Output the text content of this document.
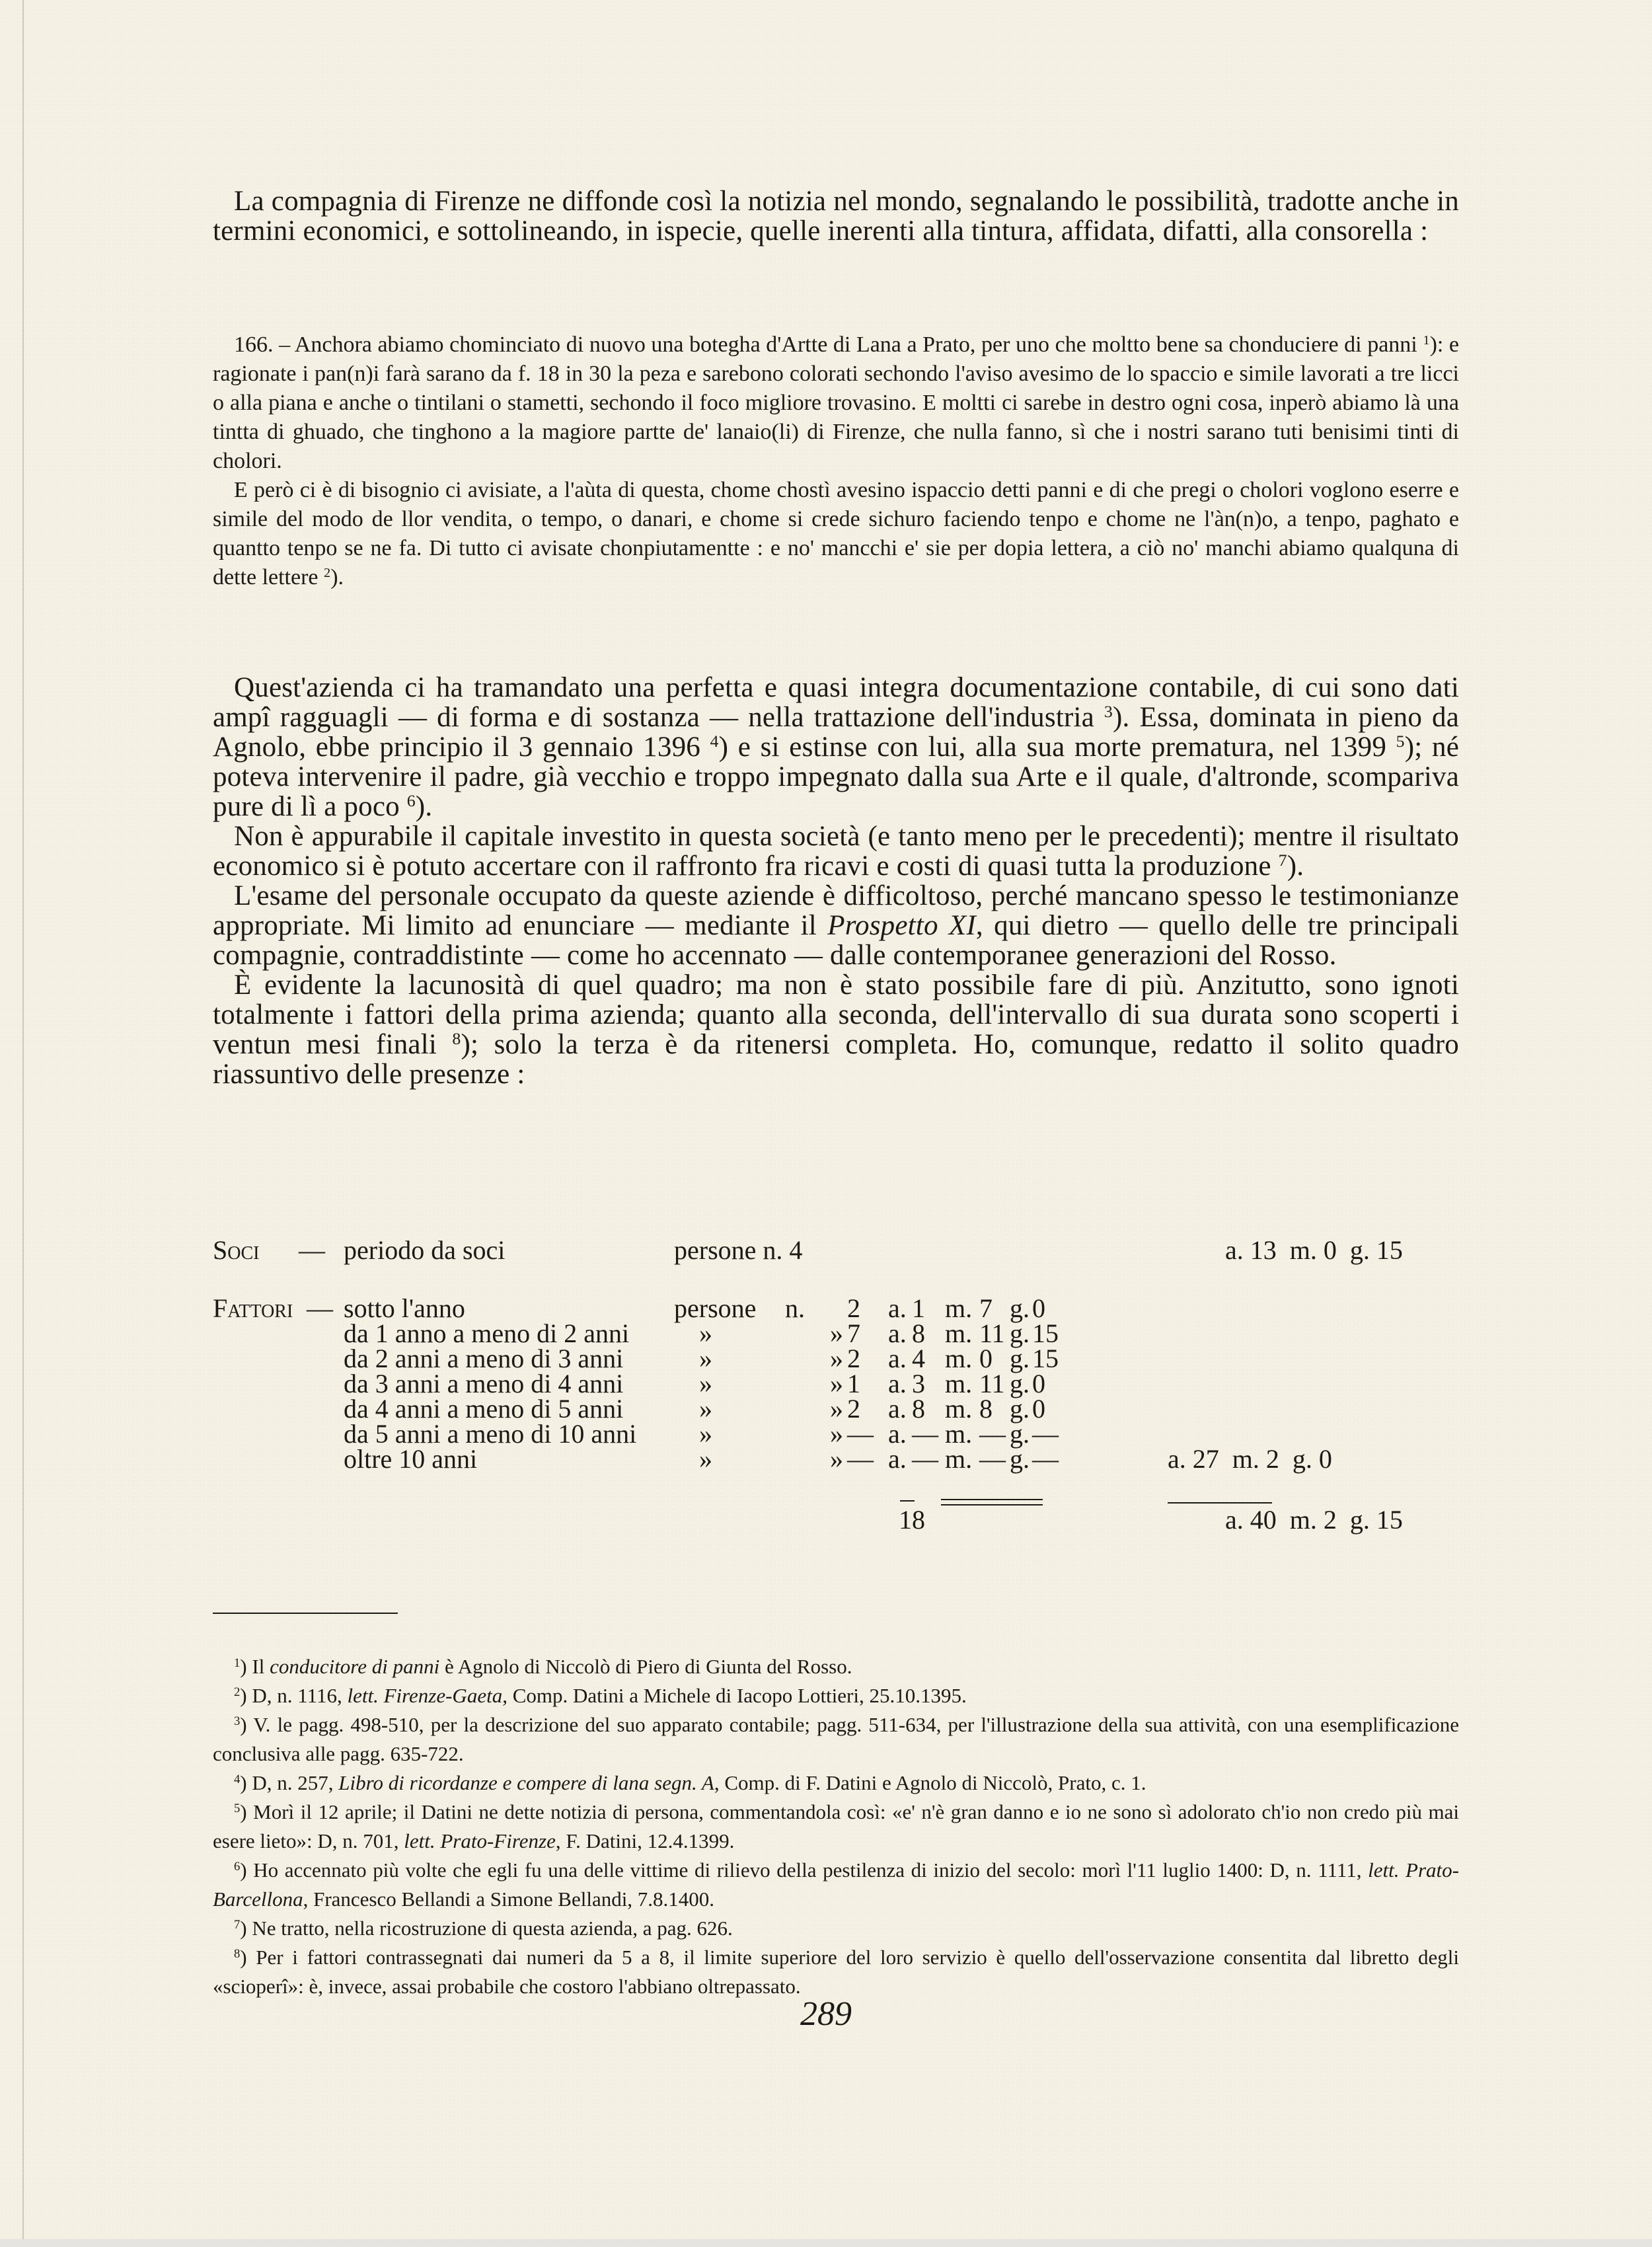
La compagnia di Firenze ne diffonde così la notizia nel mondo, segnalando le possibilità, tradotte anche in termini economici, e sottolineando, in ispecie, quelle inerenti alla tintura, affidata, difatti, alla consorella :

166. – Anchora abiamo chominciato di nuovo una botegha d'Artte di Lana a Prato, per uno che moltto bene sa chonduciere di panni $^1$): e ragionate i pan(n)i farà sarano da f. 18 in 30 la peza e sarebono colorati sechondo l'aviso avesimo de lo spaccio e simile lavorati a tre licci o alla piana e anche o tintilani o stametti, sechondo il foco migliore trovasino. E moltti ci sarebe in destro ogni cosa, inperò abiamo là una tintta di ghuado, che tinghono a la magiore partte de' lanaio(li) di Firenze, che nulla fanno, sì che i nostri sarano tuti benisimi tinti di cholori.

E però ci è di bisognio ci avisiate, a l'aùta di questa, chome chostì avesino ispaccio detti panni e di che pregi o cholori voglono eserre e simile del modo de llor vendita, o tempo, o danari, e chome si crede sichuro faciendo tenpo e chome ne l'àn(n)o, a tenpo, paghato e quantto tenpo se ne fa. Di tutto ci avisate chonpiutamentte : e no' mancchi e' sie per dopia lettera, a ciò no' manchi abiamo qualquna di dette lettere $^2$).

Quest'azienda ci ha tramandato una perfetta e quasi integra documentazione contabile, di cui sono dati ampî ragguagli — di forma e di sostanza — nella trattazione dell'industria $^3$). Essa, dominata in pieno da Agnolo, ebbe principio il 3 gennaio 1396 $^4$) e si estinse con lui, alla sua morte prematura, nel 1399 $^5$); né poteva intervenire il padre, già vecchio e troppo impegnato dalla sua Arte e il quale, d'altronde, scompariva pure di lì a poco $^6$).

Non è appurabile il capitale investito in questa società (e tanto meno per le precedenti); mentre il risultato economico si è potuto accertare con il raffronto fra ricavi e costi di quasi tutta la produzione $^7$).

L'esame del personale occupato da queste aziende è difficoltoso, perché mancano spesso le testimonianze appropriate. Mi limito ad enunciare — mediante il Prospetto XI, qui dietro — quello delle tre principali compagnie, contraddistinte — come ho accennato — dalle contemporanee generazioni del Rosso.

È evidente la lacunosità di quel quadro; ma non è stato possibile fare di più. Anzitutto, sono ignoti totalmente i fattori della prima azienda; quanto alla seconda, dell'intervallo di sua durata sono scoperti i ventun mesi finali $^8$); solo la terza è da ritenersi completa. Ho, comunque, redatto il solito quadro riassuntivo delle presenze :

Soci — periodo da soci	persone n. 4	a. 13  m. 0  g. 15
Fattori — sotto l'anno	persone n. 2 a. 1 m. 7 g. 0
da 1 anno a meno di 2 anni	»	» 7 a. 8 m. 11 g. 15
da 2 anni a meno di 3 anni	»	» 2 a. 4 m. 0 g. 15
da 3 anni a meno di 4 anni	»	» 1 a. 3 m. 11 g. 0
da 4 anni a meno di 5 anni	»	» 2 a. 8 m. 8 g. 0
da 5 anni a meno di 10 anni »	» — a. — m. — g. —
oltre 10 anni	»	» — a. — m. — g. —	a. 27  m. 2  g. 0
18	a. 40  m. 2  g. 15

$^1$) Il conducitore di panni è Agnolo di Niccolò di Piero di Giunta del Rosso.

$^2$) D, n. 1116, lett. Firenze-Gaeta, Comp. Datini a Michele di Iacopo Lottieri, 25.10.1395.

$^3$) V. le pagg. 498-510, per la descrizione del suo apparato contabile; pagg. 511-634, per l'illustrazione della sua attività, con una esemplificazione conclusiva alle pagg. 635-722.

$^4$) D, n. 257, Libro di ricordanze e compere di lana segn. A, Comp. di F. Datini e Agnolo di Niccolò, Prato, c. 1.

$^5$) Morì il 12 aprile; il Datini ne dette notizia di persona, commentandola così: «e' n'è gran danno e io ne sono sì adolorato ch'io non credo più mai esere lieto»: D, n. 701, lett. Prato-Firenze, F. Datini, 12.4.1399.

$^6$) Ho accennato più volte che egli fu una delle vittime di rilievo della pestilenza di inizio del secolo: morì l'11 luglio 1400: D, n. 1111, lett. Prato-Barcellona, Francesco Bellandi a Simone Bellandi, 7.8.1400.

$^7$) Ne tratto, nella ricostruzione di questa azienda, a pag. 626.

$^8$) Per i fattori contrassegnati dai numeri da 5 a 8, il limite superiore del loro servizio è quello dell'osservazione consentita dal libretto degli «scioperî»: è, invece, assai probabile che costoro l'abbiano oltrepassato.

289
